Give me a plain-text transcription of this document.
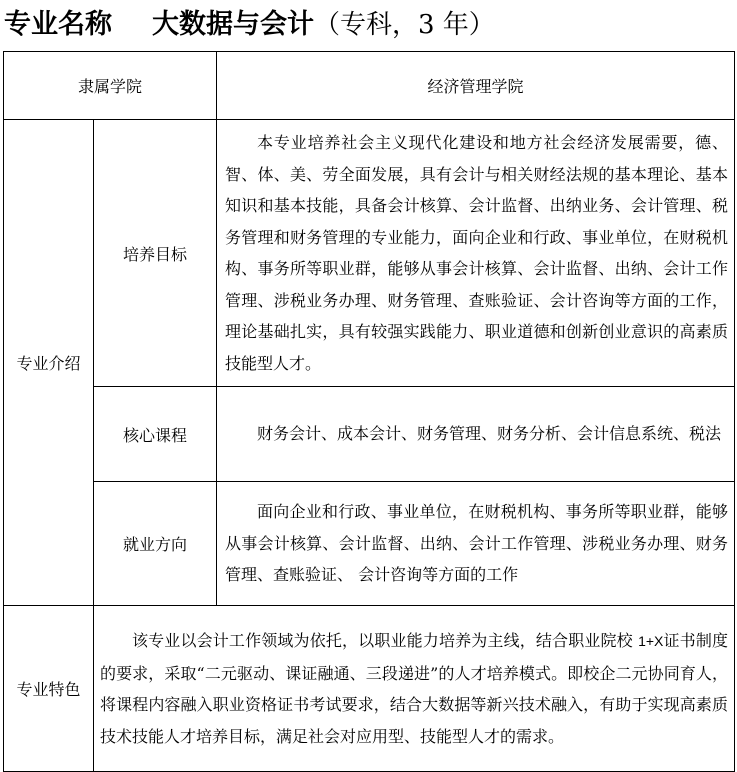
专业名称 大数据与会计（专科，3 年）
隶属学院		经济管理学院
专业介绍	培养目标	本专业培养社会主义现代化建设和地方社会经济发展需要，德、智、体、美、劳全面发展，具有会计与相关财经法规的基本理论、基本知识和基本技能，具备会计核算、会计监督、出纳业务、会计管理、税务管理和财务管理的专业能力，面向企业和行政、事业单位，在财税机构、事务所等职业群，能够从事会计核算、会计监督、出纳、会计工作管理、涉税业务办理、财务管理、查账验证、会计咨询等方面的工作，理论基础扎实，具有较强实践能力、职业道德和创新创业意识的高素质技能型人才。

	核心课程	财务会计、成本会计、财务管理、财务分析、会计信息系统、税法

	就业方向	面向企业和行政、事业单位，在财税机构、事务所等职业群，能够从事会计核算、会计监督、出纳、会计工作管理、涉税业务办理、财务管理、查账验证、 会计咨询等方面的工作

专业特色	该专业以会计工作领域为依托，以职业能力培养为主线，结合职业院校 1+X证书制度的要求，采取“二元驱动、课证融通、三段递进”的人才培养模式。即校企二元协同育人，将课程内容融入职业资格证书考试要求，结合大数据等新兴技术融入，有助于实现高素质技术技能人才培养目标，满足社会对应用型、技能型人才的需求。	
